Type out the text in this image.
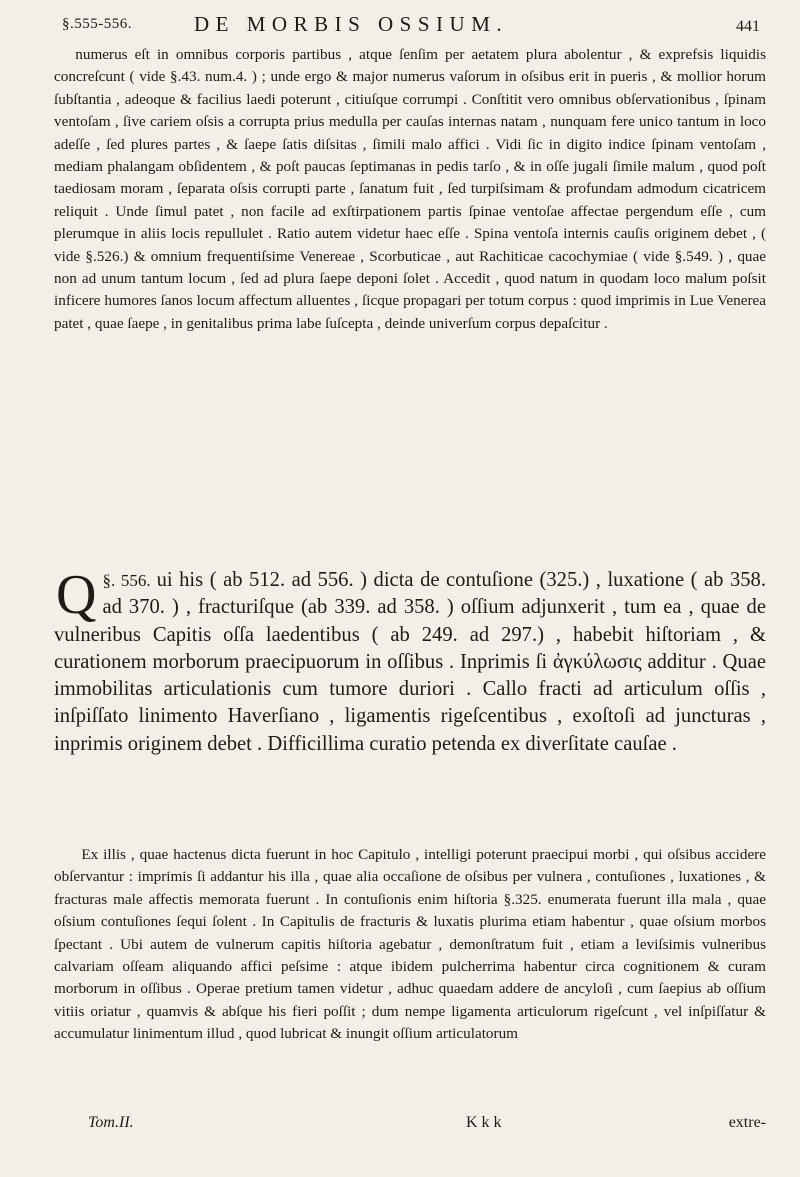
§.555-556.	DE MORBIS OSSIUM.	441

numerus eſt in omnibus corporis partibus , atque ſenſim per aetatem plura abolentur , & exprefsis liquidis concreſcunt ( vide §.43. num.4. ) ; unde ergo & major numerus vaſorum in oſsibus erit in pueris , & mollior horum ſubſtantia , adeoque & facilius laedi poterunt , citiuſque corrumpi . Conſtitit vero omnibus obſervationibus , ſpinam ventoſam , ſive cariem oſsis a corrupta prius medulla per cauſas internas natam , nunquam fere unico tantum in loco adeſſe , ſed plures partes , & ſaepe ſatis diſsitas , ſimili malo affici . Vidi ſic in digito indice ſpinam ventoſam , mediam phalangam obſidentem , & poſt paucas ſeptimanas in pedis tarſo , & in oſſe jugali ſimile malum , quod poſt taediosam moram , ſeparata oſsis corrupti parte , ſanatum fuit , ſed turpiſsimam & profundam admodum cicatricem reliquit . Unde ſimul patet , non facile ad exſtirpationem partis ſpinae ventoſae affectae pergendum eſſe , cum plerumque in aliis locis repullulet . Ratio autem videtur haec eſſe . Spina ventoſa internis cauſis originem debet , ( vide §.526.) & omnium frequentiſsime Venereae , Scorbuticae , aut Rachiticae cacochymiae ( vide §.549. ) , quae non ad unum tantum locum , ſed ad plura ſaepe deponi ſolet . Accedit , quod natum in quodam loco malum poſsit inficere humores ſanos locum affectum alluentes , ſicque propagari per totum corpus : quod imprimis in Lue Venerea patet , quae ſaepe , in genitalibus prima labe ſuſcepta , deinde univerſum corpus depaſcitur .

§. 556.
Q	ui his ( ab 512. ad 556. ) dicta de contuſione (325.) , luxatione ( ab 358. ad 370. ) , fracturiſque (ab 339. ad 358. ) oſſium adjunxerit , tum ea , quae de vulneribus Capitis oſſa laedentibus ( ab 249. ad 297.) , habebit hiſtoriam , & curationem morborum praecipuorum in oſſibus . Inprimis ſi ἀγκύλωσις additur . Quae immobilitas articulationis cum tumore duriori . Callo fracti ad articulum oſſis , inſpiſſato linimento Haverſiano , ligamentis rigeſcentibus , exoſtoſi ad juncturas , inprimis originem debet . Difficillima curatio petenda ex diverſitate cauſae .

Ex illis , quae hactenus dicta fuerunt in hoc Capitulo , intelligi poterunt praecipui morbi , qui oſsibus accidere obſervantur : imprimis ſi addantur his illa , quae alia occaſione de oſsibus per vulnera , contuſiones , luxationes , & fracturas male affectis memorata fuerunt . In contuſionis enim hiſtoria §.325. enumerata fuerunt illa mala , quae oſsium contuſiones ſequi ſolent . In Capitulis de fracturis & luxatis plurima etiam habentur , quae oſsium morbos ſpectant . Ubi autem de vulnerum capitis hiſtoria agebatur , demonſtratum fuit , etiam a leviſsimis vulneribus calvariam oſſeam aliquando affici peſsime : atque ibidem pulcherrima habentur circa cognitionem & curam morborum in oſſibus . Operae pretium tamen videtur , adhuc quaedam addere de ancyloſi , cum ſaepius ab oſſium vitiis oriatur , quamvis & abſque his fieri poſſit ; dum nempe ligamenta articulorum rigeſcunt , vel inſpiſſatur & accumulatur linimentum illud , quod lubricat & inungit oſſium articulatorum

Tom.II.	K k k	extre-
